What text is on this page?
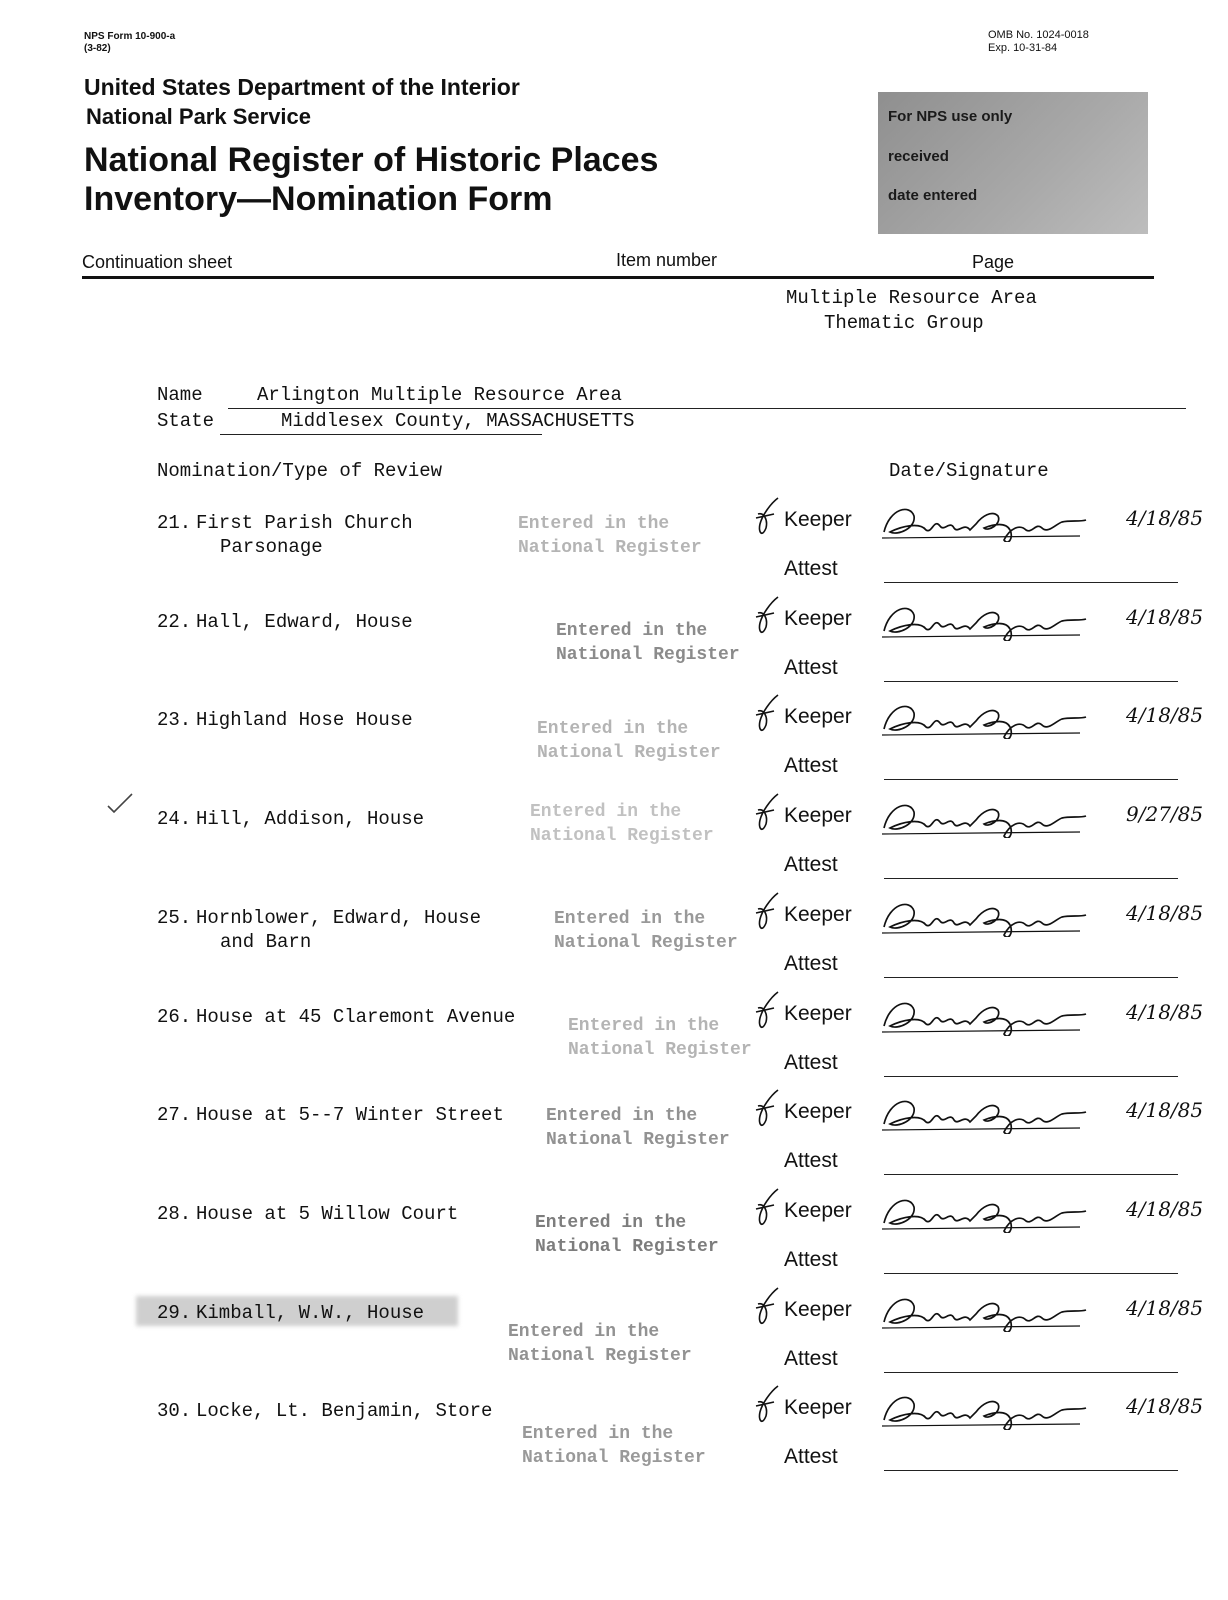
NPS Form 10-900-a
(3-82)
OMB No. 1024-0018
Exp. 10-31-84
United States Department of the Interior
National Park Service
National Register of Historic Places
Inventory—Nomination Form
For NPS use only
received
date entered
Continuation sheet	Item number	Page
Multiple Resource Area
Thematic Group
Name	Arlington Multiple Resource Area
State	Middlesex County, MASSACHUSETTS
Nomination/Type of Review	Date/Signature
21. First Parish Church
Parsonage
Entered in the
National Register
Keeper
Attest
4/18/85
22. Hall, Edward, House	Entered in the
National Register
Keeper
Attest
4/18/85
23. Highland Hose House	Entered in the
National Register
Keeper
Attest
4/18/85
24. Hill, Addison, House	Entered in the
National Register
Keeper
Attest
9/27/85
25. Hornblower, Edward, House
and Barn
Entered in the
National Register
Keeper
Attest
4/18/85
26. House at 45 Claremont Avenue	Entered in the
National Register
Keeper
Attest
4/18/85
27. House at 5--7 Winter Street Entered in the
National Register
Keeper
Attest
4/18/85
28. House at 5 Willow Court	Entered in the
National Register
Keeper
Attest
4/18/85
29. Kimball, W.W., House
Entered in the
National Register
Keeper
Attest
4/18/85
30. Locke, Lt. Benjamin, Store
Entered in the
National Register
Keeper
Attest
4/18/85
